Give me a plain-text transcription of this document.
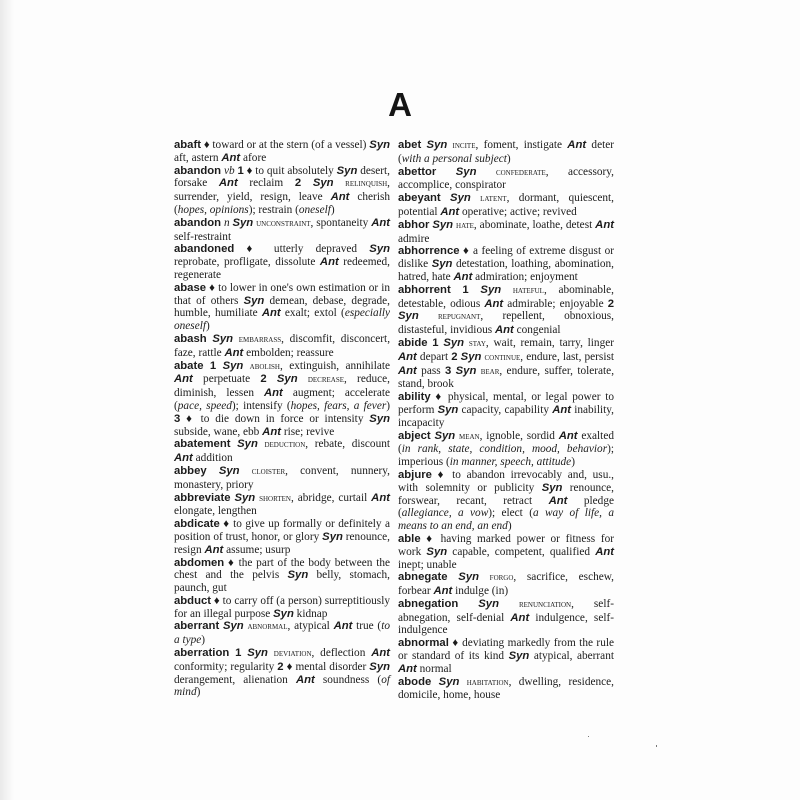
A

abaft ♦ toward or at the stern (of a vessel) Syn aft, astern Ant afore

abandon vb 1 ♦ to quit absolutely Syn desert, forsake Ant reclaim 2 Syn relinquish, surrender, yield, resign, leave Ant cherish (hopes, opinions); restrain (oneself)

abandon n Syn unconstraint, spontaneity Ant self-restraint

abandoned ♦ utterly depraved Syn reprobate, profligate, dissolute Ant redeemed, regenerate

abase ♦ to lower in one's own estimation or in that of others Syn demean, debase, degrade, humble, humiliate Ant exalt; extol (especially oneself)

abash Syn embarrass, discomfit, disconcert, faze, rattle Ant embolden; reassure

abate 1 Syn abolish, extinguish, annihilate Ant perpetuate 2 Syn decrease, reduce, diminish, lessen Ant augment; accelerate (pace, speed); intensify (hopes, fears, a fever) 3 ♦ to die down in force or intensity Syn subside, wane, ebb Ant rise; revive

abatement Syn deduction, rebate, discount Ant addition

abbey Syn cloister, convent, nunnery, monastery, priory

abbreviate Syn shorten, abridge, curtail Ant elongate, lengthen

abdicate ♦ to give up formally or definitely a position of trust, honor, or glory Syn renounce, resign Ant assume; usurp

abdomen ♦ the part of the body between the chest and the pelvis Syn belly, stomach, paunch, gut

abduct ♦ to carry off (a person) surreptitiously for an illegal purpose Syn kidnap

aberrant Syn abnormal, atypical Ant true (to a type)

aberration 1 Syn deviation, deflection Ant conformity; regularity 2 ♦ mental disorder Syn derangement, alienation Ant soundness (of mind)

abet Syn incite, foment, instigate Ant deter (with a personal subject)

abettor Syn confederate, accessory, accomplice, conspirator

abeyant Syn latent, dormant, quiescent, potential Ant operative; active; revived

abhor Syn hate, abominate, loathe, detest Ant admire

abhorrence ♦ a feeling of extreme disgust or dislike Syn detestation, loathing, abomination, hatred, hate Ant admiration; enjoyment

abhorrent 1 Syn hateful, abominable, detestable, odious Ant admirable; enjoyable 2 Syn repugnant, repellent, obnoxious, distasteful, invidious Ant congenial

abide 1 Syn stay, wait, remain, tarry, linger Ant depart 2 Syn continue, endure, last, persist Ant pass 3 Syn bear, endure, suffer, tolerate, stand, brook

ability ♦ physical, mental, or legal power to perform Syn capacity, capability Ant inability, incapacity

abject Syn mean, ignoble, sordid Ant exalted (in rank, state, condition, mood, behavior); imperious (in manner, speech, attitude)

abjure ♦ to abandon irrevocably and, usu., with solemnity or publicity Syn renounce, forswear, recant, retract Ant pledge (allegiance, a vow); elect (a way of life, a means to an end, an end)

able ♦ having marked power or fitness for work Syn capable, competent, qualified Ant inept; unable

abnegate Syn forgo, sacrifice, eschew, forbear Ant indulge (in)

abnegation Syn renunciation, self-abnegation, self-denial Ant indulgence, self-indulgence

abnormal ♦ deviating markedly from the rule or standard of its kind Syn atypical, aberrant Ant normal

abode Syn habitation, dwelling, residence, domicile, home, house
